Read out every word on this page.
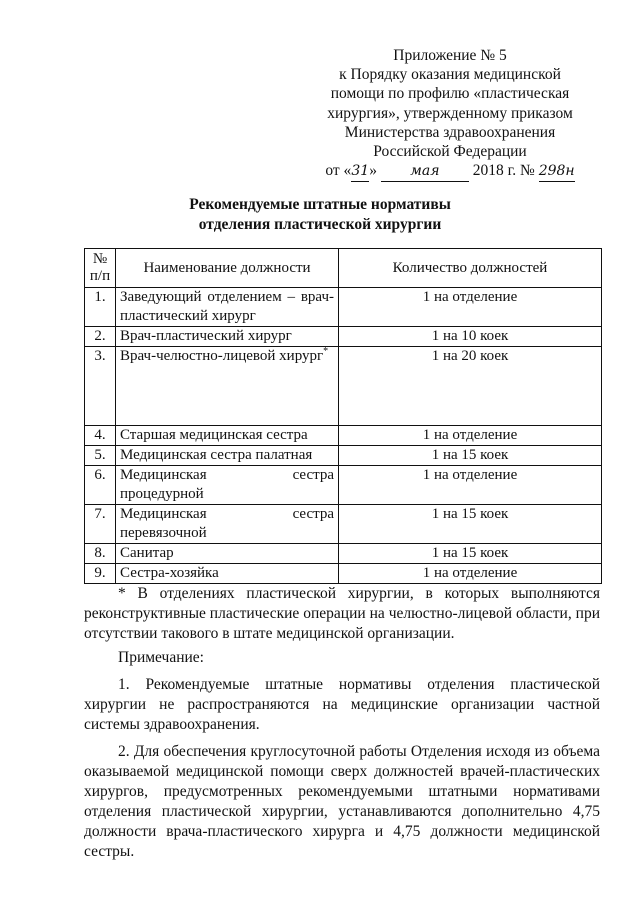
Приложение № 5
к Порядку оказания медицинской
помощи по профилю «пластическая
хирургия», утвержденному приказом
Министерства здравоохранения
Российской Федерации
от «31» мая 2018 г. № 298н
Рекомендуемые штатные нормативы
отделения пластической хирургии
№ п/п	Наименование должности	Количество должностей
1.	Заведующий отделением – врач-пластический хирург	1 на отделение
2.	Врач-пластический хирург	1 на 10 коек
3.	Врач-челюстно-лицевой хирург*	1 на 20 коек
4.	Старшая медицинская сестра	1 на отделение
5.	Медицинская сестра палатная	1 на 15 коек
6.	Медицинская сестра процедурной	1 на отделение
7.	Медицинская сестра перевязочной	1 на 15 коек
8.	Санитар	1 на 15 коек
9.	Сестра-хозяйка	1 на отделение

* В отделениях пластической хирургии, в которых выполняются реконструктивные пластические операции на челюстно-лицевой области, при отсутствии такового в штате медицинской организации.

Примечание:

1. Рекомендуемые штатные нормативы отделения пластической хирургии не распространяются на медицинские организации частной системы здравоохранения.

2. Для обеспечения круглосуточной работы Отделения исходя из объема оказываемой медицинской помощи сверх должностей врачей-пластических хирургов, предусмотренных рекомендуемыми штатными нормативами отделения пластической хирургии, устанавливаются дополнительно 4,75 должности врача-пластического хирурга и 4,75 должности медицинской сестры.
